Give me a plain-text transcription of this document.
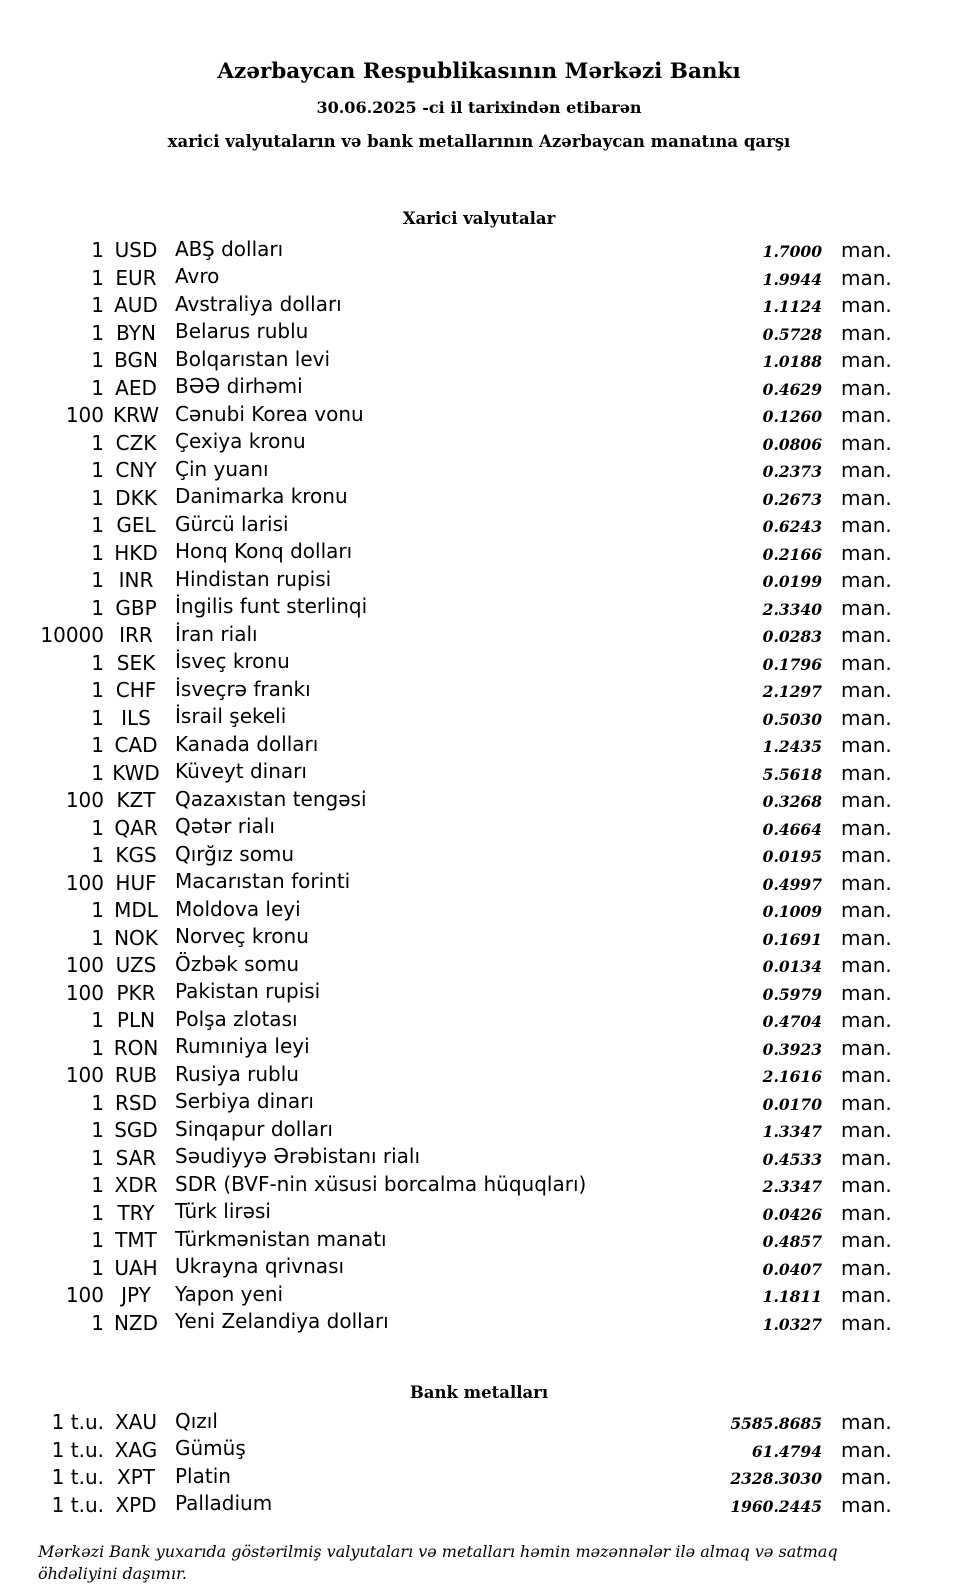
Azərbaycan Respublikasının Mərkəzi Bankı
30.06.2025 -ci il tarixindən etibarən
xarici valyutaların və bank metallarının Azərbaycan manatına qarşı
Xarici valyutalar
1 USD ABŞ dolları	1.7000 man.
1 EUR Avro	1.9944 man.
1 AUD Avstraliya dolları	1.1124 man.
1 BYN Belarus rublu	0.5728 man.
1 BGN Bolqarıstan levi	1.0188 man.
1 AED BƏƏ dirhəmi	0.4629 man.
100 KRW Cənubi Korea vonu	0.1260 man.
1 CZK Çexiya kronu	0.0806 man.
1 CNY Çin yuanı	0.2373 man.
1 DKK Danimarka kronu	0.2673 man.
1 GEL Gürcü larisi	0.6243 man.
1 HKD Honq Konq dolları	0.2166 man.
1 INR	Hindistan rupisi	0.0199 man.
1 GBP İngilis funt sterlinqi	2.3340 man.
10000 IRR	İran rialı	0.0283 man.
1 SEK İsveç kronu	0.1796 man.
1 CHF İsveçrə frankı	2.1297 man.
1 ILS	İsrail şekeli	0.5030 man.
1 CAD Kanada dolları	1.2435 man.
1 KWD Küveyt dinarı	5.5618 man.
100 KZT Qazaxıstan tengəsi	0.3268 man.
1 QAR Qətər rialı	0.4664 man.
1 KGS Qırğız somu	0.0195 man.
100 HUF Macarıstan forinti	0.4997 man.
1 MDL Moldova leyi	0.1009 man.
1 NOK Norveç kronu	0.1691 man.
100 UZS Özbək somu	0.0134 man.
100 PKR Pakistan rupisi	0.5979 man.
1 PLN Polşa zlotası	0.4704 man.
1 RON Rumıniya leyi	0.3923 man.
100 RUB Rusiya rublu	2.1616 man.
1 RSD Serbiya dinarı	0.0170 man.
1 SGD Sinqapur dolları	1.3347 man.
1 SAR Səudiyyə Ərəbistanı rialı	0.4533 man.
1 XDR SDR (BVF-nin xüsusi borcalma hüquqları)	2.3347 man.
1 TRY	Türk lirəsi	0.0426 man.
1 TMT Türkmənistan manatı	0.4857 man.
1 UAH Ukrayna qrivnası	0.0407 man.
100 JPY	Yapon yeni	1.1811 man.
1 NZD Yeni Zelandiya dolları	1.0327 man.
Bank metalları
1 t.u. XAU Qızıl	5585.8685 man.
1 t.u. XAG Gümüş	61.4794 man.
1 t.u. XPT	Platin	2328.3030 man.
1 t.u. XPD Palladium	1960.2445 man.
Mərkəzi Bank yuxarıda göstərilmiş valyutaları və metalları həmin məzənnələr ilə almaq və satmaq öhdəliyini daşımır.
